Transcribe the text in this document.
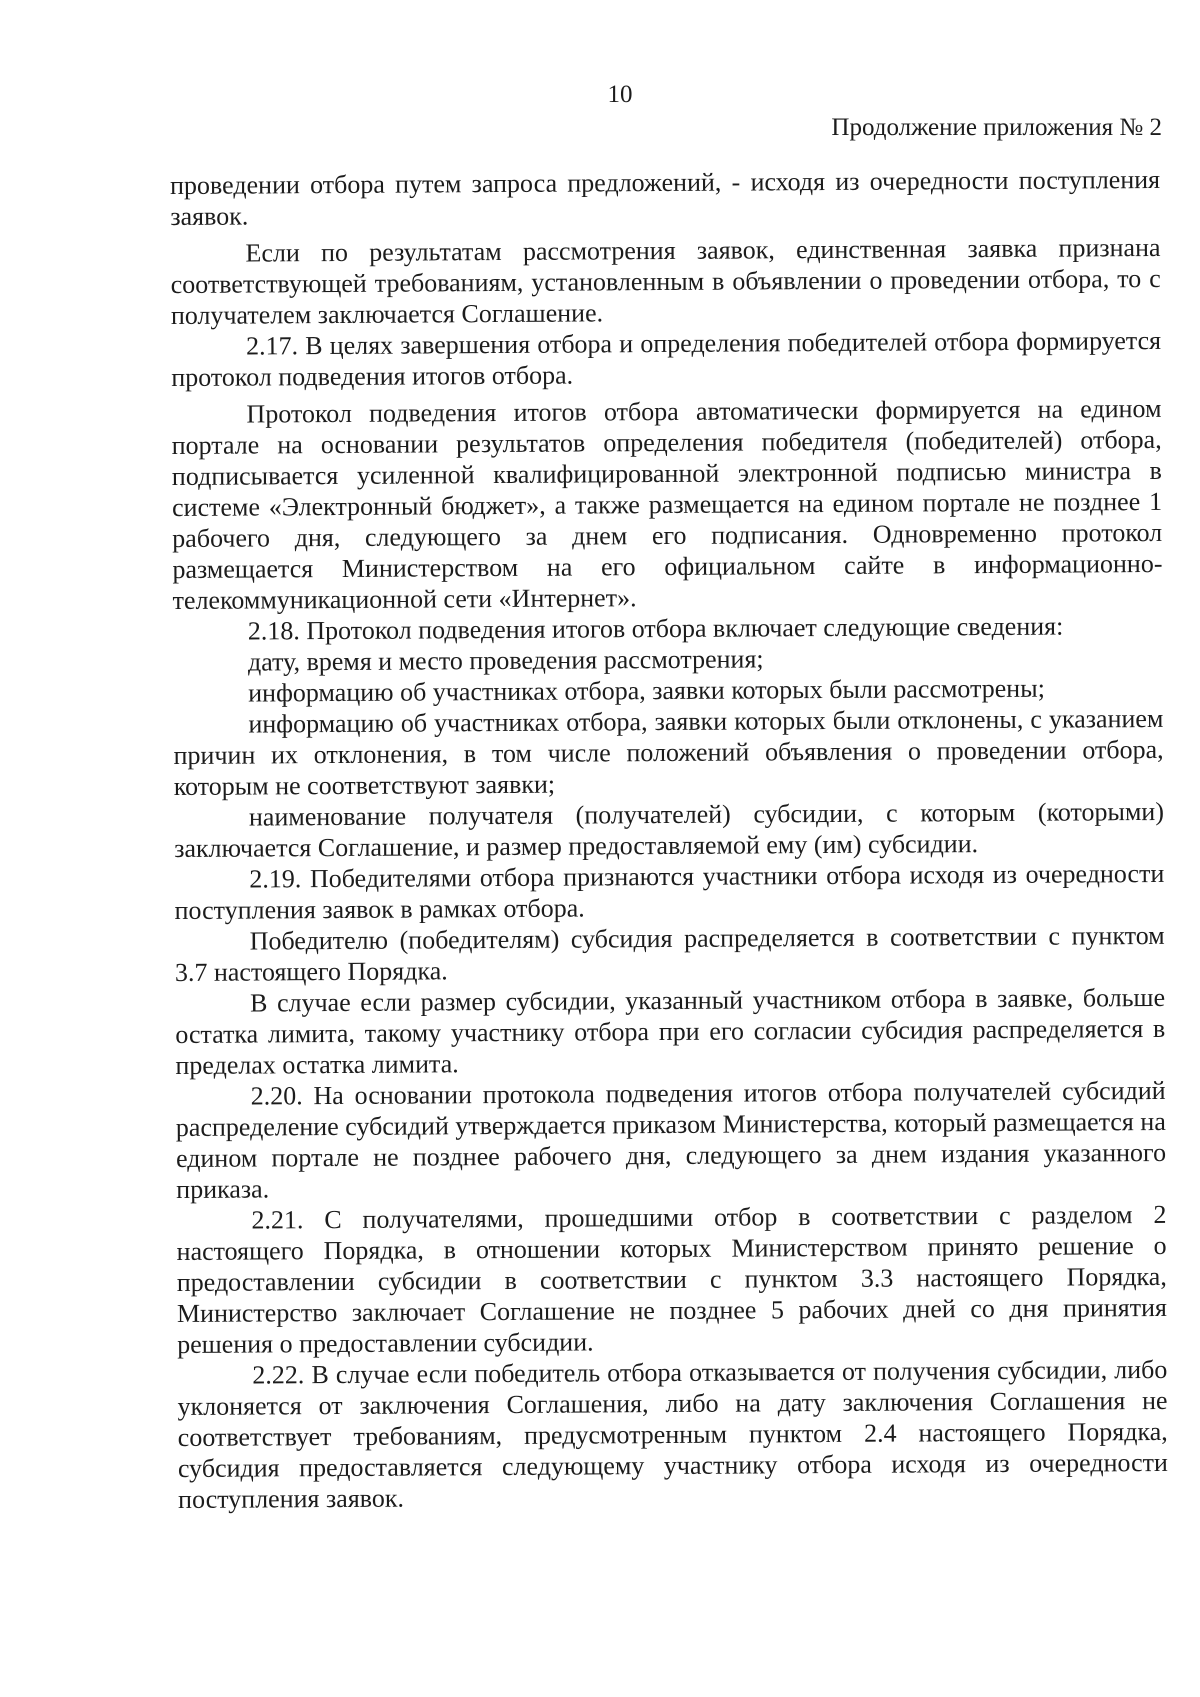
10
Продолжение приложения № 2

проведении отбора путем запроса предложений, - исходя из очередности поступления заявок.

Если по результатам рассмотрения заявок, единственная заявка признана соответствующей требованиям, установленным в объявлении о проведении отбора, то с получателем заключается Соглашение.

2.17. В целях завершения отбора и определения победителей отбора формируется протокол подведения итогов отбора.

Протокол подведения итогов отбора автоматически формируется на едином портале на основании результатов определения победителя (победителей) отбора, подписывается усиленной квалифицированной электронной подписью министра в системе «Электронный бюджет», а также размещается на едином портале не позднее 1 рабочего дня, следующего за днем его подписания. Одновременно протокол размещается Министерством на его официальном сайте в информационно-телекоммуникационной сети «Интернет».

2.18. Протокол подведения итогов отбора включает следующие сведения:

дату, время и место проведения рассмотрения;

информацию об участниках отбора, заявки которых были рассмотрены;

информацию об участниках отбора, заявки которых были отклонены, с указанием причин их отклонения, в том числе положений объявления о проведении отбора, которым не соответствуют заявки;

наименование получателя (получателей) субсидии, с которым (которыми) заключается Соглашение, и размер предоставляемой ему (им) субсидии.

2.19. Победителями отбора признаются участники отбора исходя из очередности поступления заявок в рамках отбора.

Победителю (победителям) субсидия распределяется в соответствии с пунктом 3.7 настоящего Порядка.

В случае если размер субсидии, указанный участником отбора в заявке, больше остатка лимита, такому участнику отбора при его согласии субсидия распределяется в пределах остатка лимита.

2.20. На основании протокола подведения итогов отбора получателей субсидий распределение субсидий утверждается приказом Министерства, который размещается на едином портале не позднее рабочего дня, следующего за днем издания указанного приказа.

2.21. С получателями, прошедшими отбор в соответствии с разделом 2 настоящего Порядка, в отношении которых Министерством принято решение о предоставлении субсидии в соответствии с пунктом 3.3 настоящего Порядка, Министерство заключает Соглашение не позднее 5 рабочих дней со дня принятия решения о предоставлении субсидии.

2.22. В случае если победитель отбора отказывается от получения субсидии, либо уклоняется от заключения Соглашения, либо на дату заключения Соглашения не соответствует требованиям, предусмотренным пунктом 2.4 настоящего Порядка, субсидия предоставляется следующему участнику отбора исходя из очередности поступления заявок.
